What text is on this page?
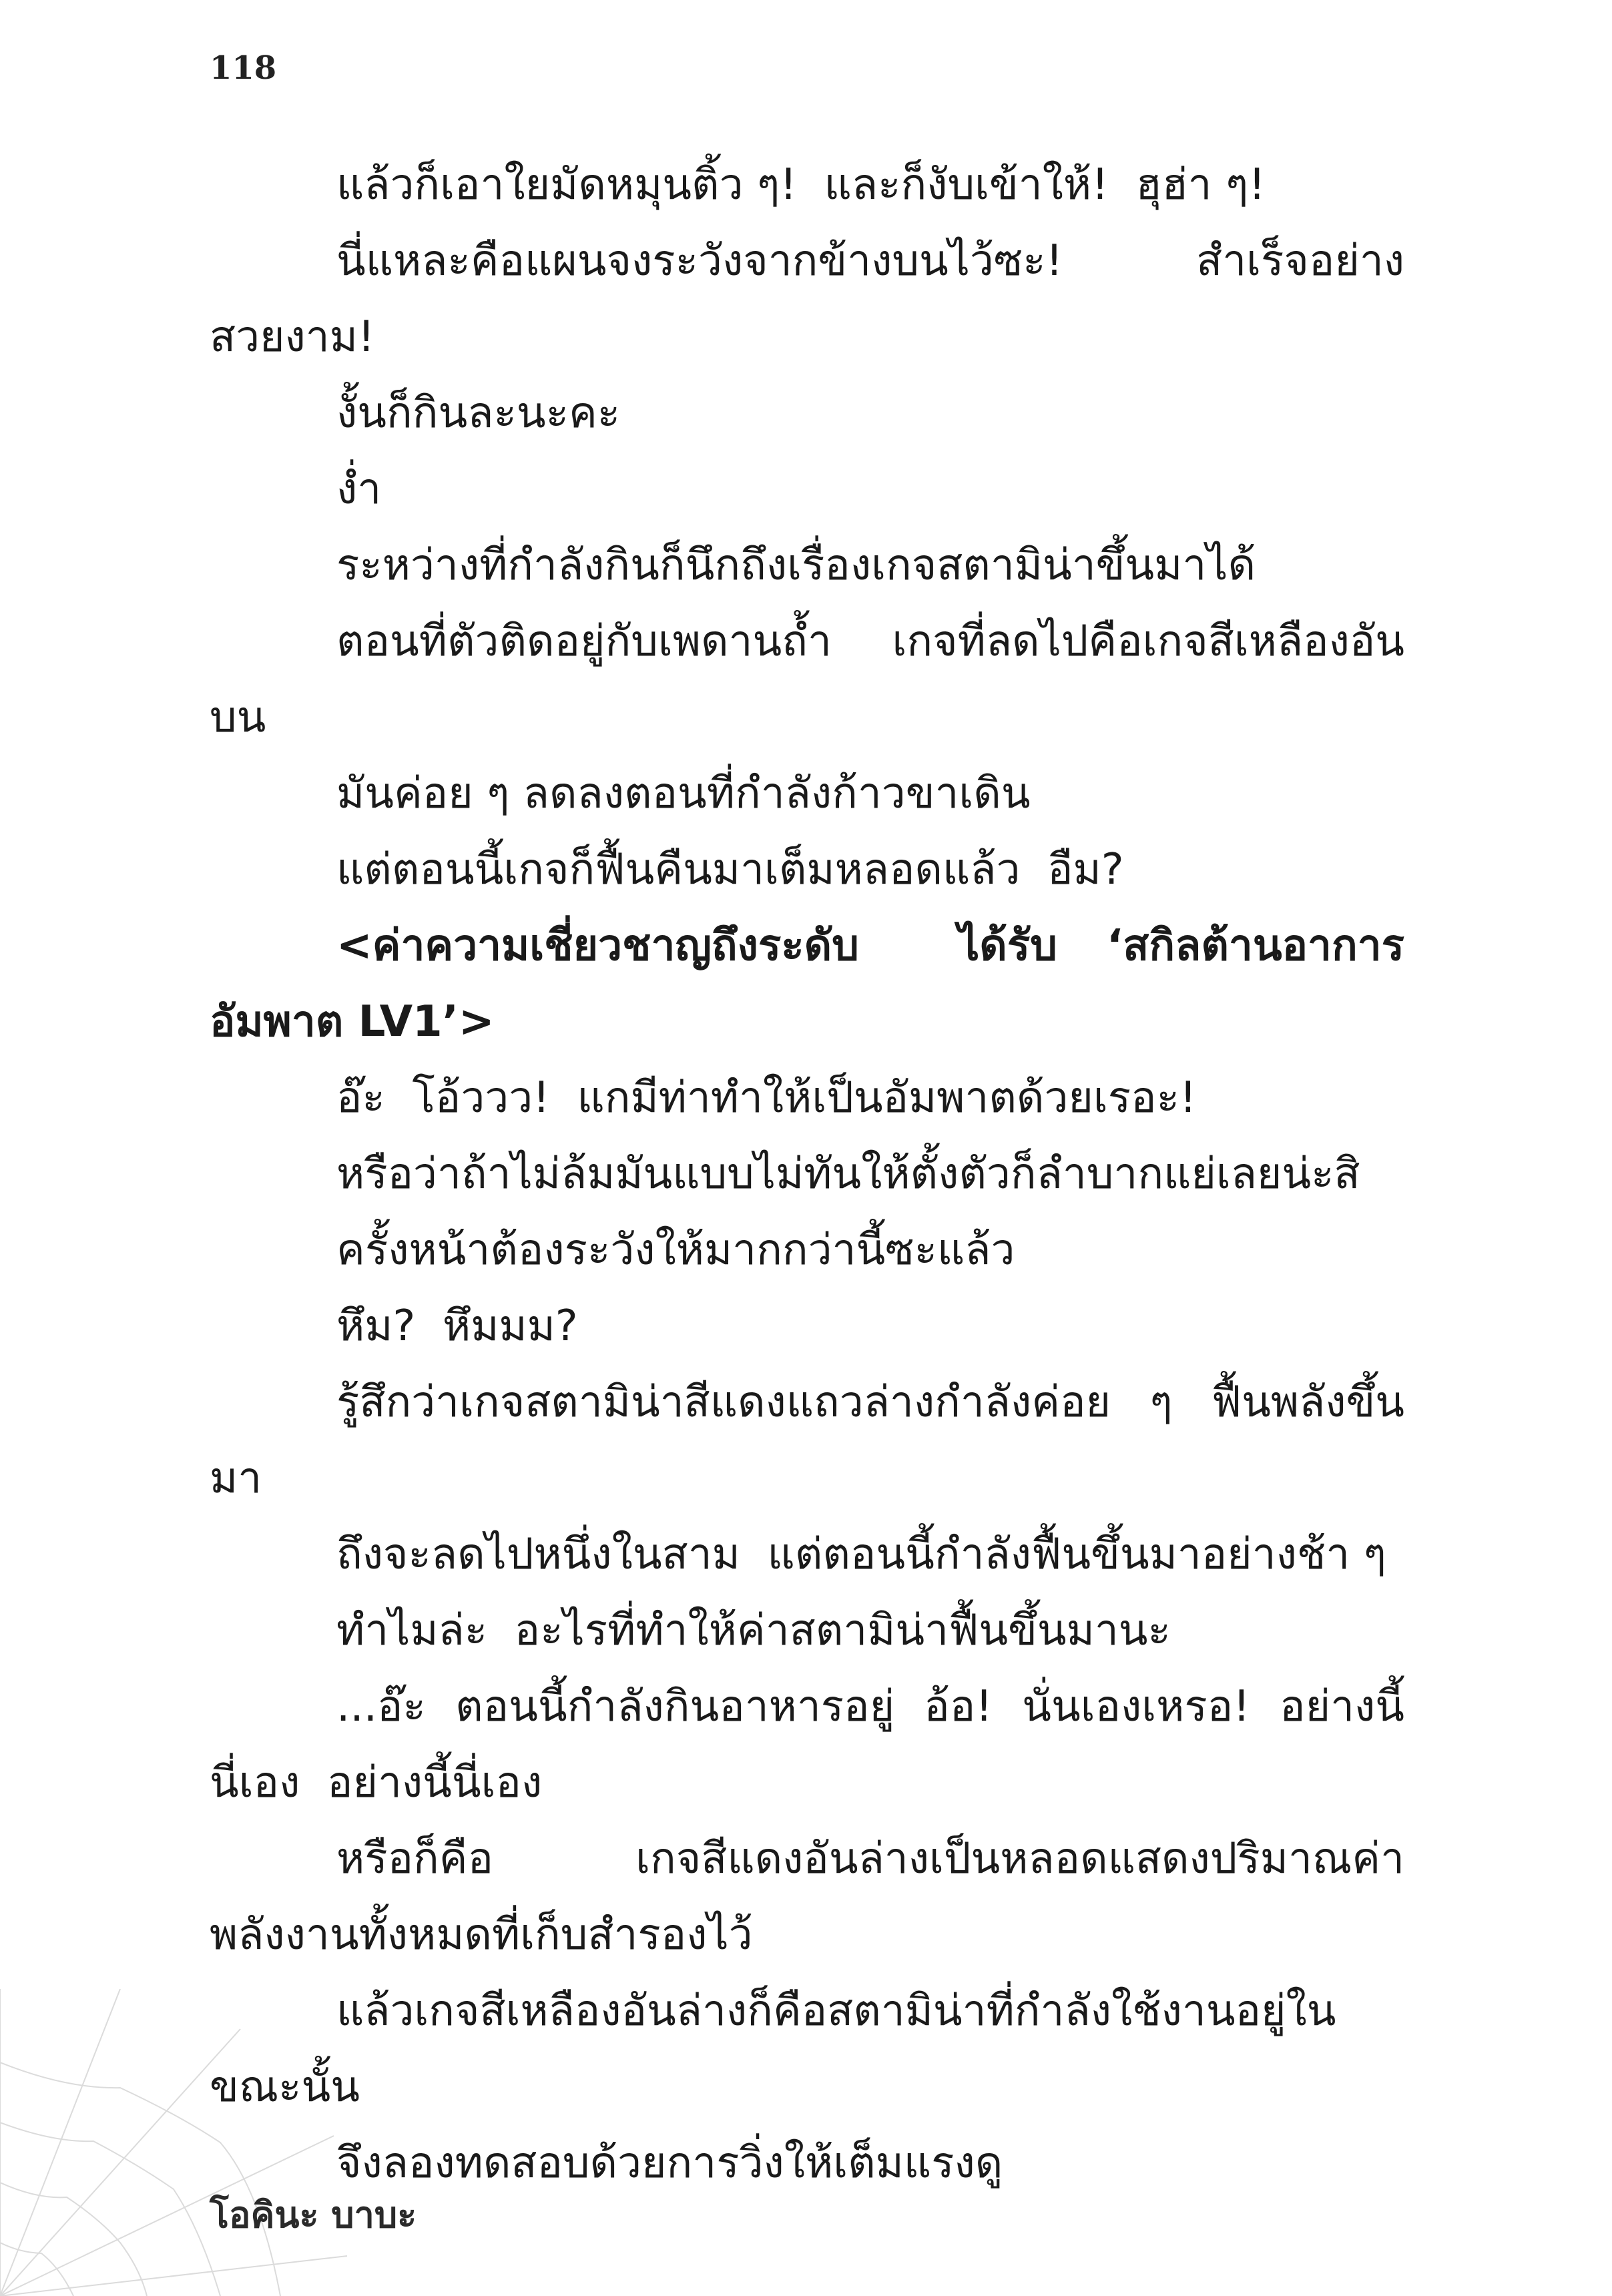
118

แล้วก็เอาใยมัดหมุนติ้ว ๆ!  และก็งับเข้าให้!  ฮุฮ่า ๆ!

นี่แหละคือแผนจงระวังจากข้างบนไว้ซะ!  สำเร็จอย่างสวยงาม!

งั้นก็กินละนะคะ

ง่ำ

ระหว่างที่กำลังกินก็นึกถึงเรื่องเกจสตามิน่าขึ้นมาได้

ตอนที่ตัวติดอยู่กับเพดานถ้ำ  เกจที่ลดไปคือเกจสีเหลืองอันบน

มันค่อย ๆ ลดลงตอนที่กำลังก้าวขาเดิน

แต่ตอนนี้เกจก็ฟื้นคืนมาเต็มหลอดแล้ว  อืม?

<ค่าความเชี่ยวชาญถึงระดับ  ได้รับ ‘สกิลต้านอาการอัมพาต LV1’>

อ๊ะ  โอ้ววว!  แกมีท่าทำให้เป็นอัมพาตด้วยเรอะ!

หรือว่าถ้าไม่ล้มมันแบบไม่ทันให้ตั้งตัวก็ลำบากแย่เลยน่ะสิ

ครั้งหน้าต้องระวังให้มากกว่านี้ซะแล้ว

หึม?  หึมมม?

รู้สึกว่าเกจสตามิน่าสีแดงแถวล่างกำลังค่อย ๆ ฟื้นพลังขึ้นมา

ถึงจะลดไปหนึ่งในสาม  แต่ตอนนี้กำลังฟื้นขึ้นมาอย่างช้า ๆ

ทำไมล่ะ  อะไรที่ทำให้ค่าสตามิน่าฟื้นขึ้นมานะ

...อ๊ะ  ตอนนี้กำลังกินอาหารอยู่  อ้อ!  นั่นเองเหรอ!  อย่างนี้นี่เอง  อย่างนี้นี่เอง

หรือก็คือ  เกจสีแดงอันล่างเป็นหลอดแสดงปริมาณค่าพลังงานทั้งหมดที่เก็บสำรองไว้

แล้วเกจสีเหลืองอันล่างก็คือสตามิน่าที่กำลังใช้งานอยู่ในขณะนั้น

จึงลองทดสอบด้วยการวิ่งให้เต็มแรงดู

โอคินะ บาบะ
